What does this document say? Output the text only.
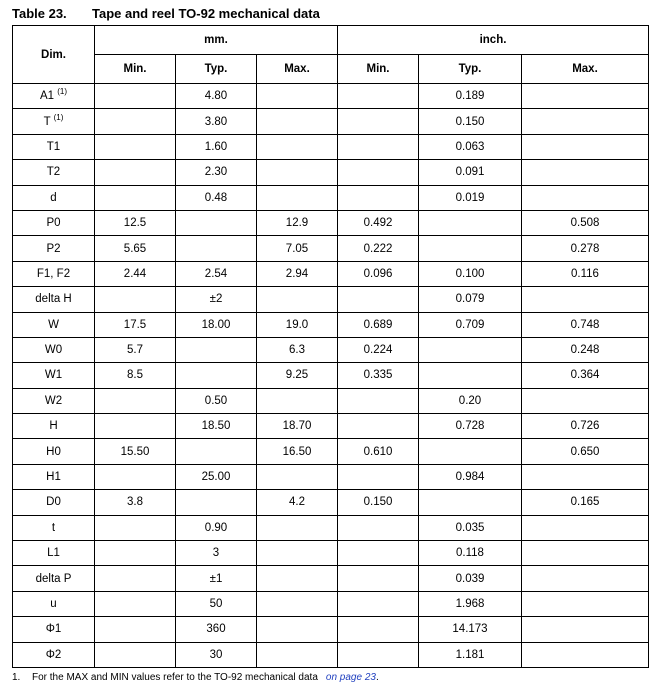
Table 23. Tape and reel TO-92 mechanical data
Dim.	mm.			inch.		
	Min.	Typ.	Max.	Min.	Typ.	Max.
A1 $^{(1)}$		4.80			0.189	
T $^{(1)}$		3.80			0.150	
T1		1.60			0.063	
T2		2.30			0.091	
d		0.48			0.019	
P0	12.5		12.9	0.492		0.508
P2	5.65		7.05	0.222		0.278
F1, F2	2.44	2.54	2.94	0.096	0.100	0.116
delta H		±2			0.079	
W	17.5	18.00	19.0	0.689	0.709	0.748
W0	5.7		6.3	0.224		0.248
W1	8.5		9.25	0.335		0.364
W2		0.50			0.20	
H		18.50	18.70		0.728	0.726
H0	15.50		16.50	0.610		0.650
H1		25.00			0.984	
D0	3.8		4.2	0.150		0.165
t		0.90			0.035	
L1		3			0.118	
delta P		±1			0.039	
u		50			1.968	
Φ1		360			14.173	
Φ2		30			1.181	
1. For the MAX and MIN values refer to the TO-92 mechanical data on page 23.
